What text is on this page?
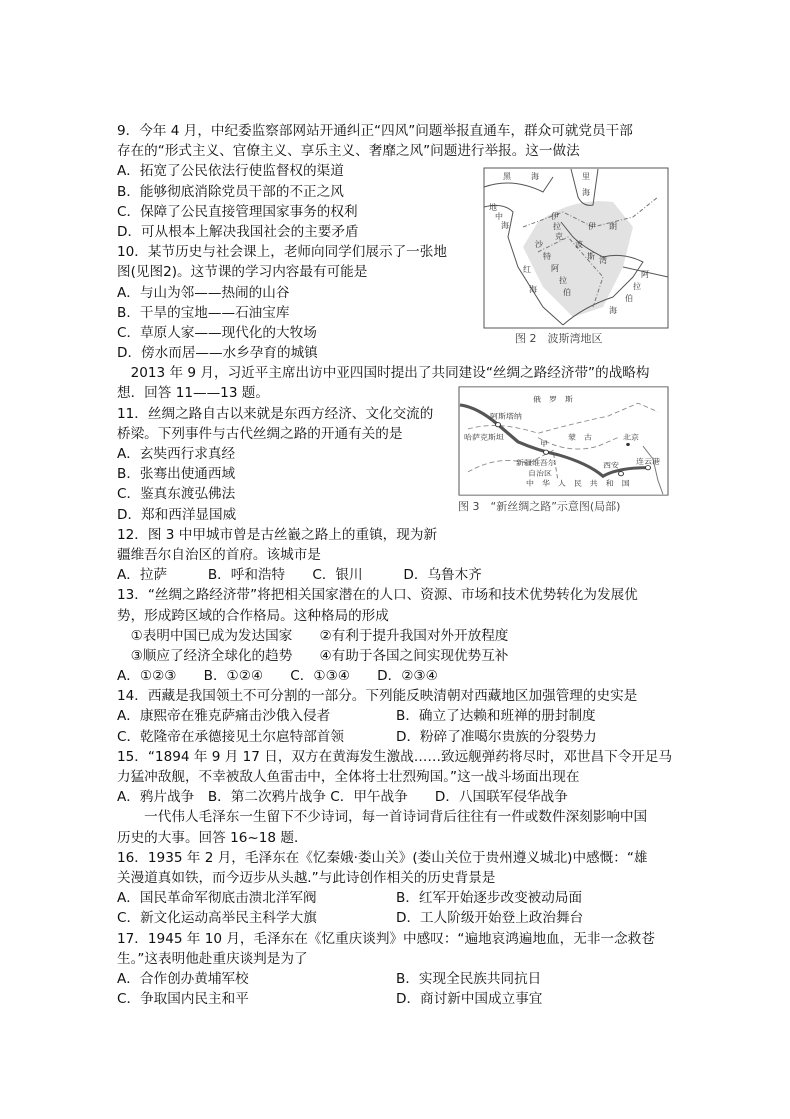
9．今年 4 月，中纪委监察部网站开通纠正“四风”问题举报直通车，群众可就党员干部
存在的“形式主义、官僚主义、享乐主义、奢靡之风”问题进行举报。这一做法
A．拓宽了公民依法行使监督权的渠道
B．能够彻底消除党员干部的不正之风
C．保障了公民直接管理国家事务的权利
D．可从根本上解决我国社会的主要矛盾
10．某节历史与社会课上，老师向同学们展示了一张地
图(见图2)。这节课的学习内容最有可能是
A．与山为邻——热闹的山谷
B．干旱的宝地——石油宝库
C．草原人家——现代化的大牧场
D．傍水而居——水乡孕育的城镇
　2013 年 9 月，习近平主席出访中亚四国时提出了共同建设“丝绸之路经济带”的战略构
想．回答 11——13 题。
11．丝绸之路自古以来就是东西方经济、文化交流的
桥梁。下列事件与古代丝绸之路的开通有关的是
A．玄奘西行求真经
B．张骞出使通西域
C．鉴真东渡弘佛法
D．郑和西洋显国威
12．图 3 中甲城市曾是古丝巀之路上的重镇，现为新
疆维吾尔自治区的首府。该城市是
A．拉萨　　　B．呼和浩特　　C．银川　　　D．乌鲁木齐
13．“丝绸之路经济带”将把相关国家潜在的人口、资源、市场和技术优势转化为发展优
势，形成跨区域的合作格局。这种格局的形成
　①表明中国已成为发达国家　　②有利于提升我国对外开放程度
　③顺应了经济全球化的趋势　　④有助于各国之间实现优势互补
A．①②③　　B．①②④　　C．①③④　　D．②③④
14．西藏是我国领土不可分割的一部分。下列能反映清朝对西藏地区加强管理的史实是
A．康熙帝在雅克萨痛击沙俄入侵者	B．确立了达赖和班禅的册封制度
C．乾隆帝在承德接见土尔扈特部首领	D．粉碎了准噶尔贵族的分裂势力
15．“1894 年 9 月 17 日，双方在黄海发生激战……致远舰弹药将尽时，邓世昌下令开足马
力猛冲敌舰，不幸被敌人鱼雷击中，全体将士壮烈殉国。”这一战斗场面出现在
A．鸦片战争　B．第二次鸦片战争 C．甲午战争　　D．八国联军侵华战争
　　一代伟人毛泽东一生留下不少诗词，每一首诗词背后往往有一件或数件深刻影响中国
历史的大事。回答 16~18 题．
16．1935 年 2 月，毛泽东在《忆秦娥·娄山关》(娄山关位于贵州遵义城北)中感慨：“雄
关漫道真如铁，而今迈步从头越.”与此诗创作相关的历史背景是
A．国民革命军彻底击溃北洋军阀	B．红军开始逐步改变被动局面
C．新文化运动高举民主科学大旗	D．工人阶级开始登上政治舞台
17．1945 年 10 月，毛泽东在《忆重庆谈判》中感叹：“遍地哀鸿遍地血，无非一念救苍
生。”这表明他赴重庆谈判是为了
A．合作创办黄埔军校	B．实现全民族共同抗日
C．争取国内民主和平	D．商讨新中国成立事宜
黑	海	里
海
地
中
海
伊
拉
克
伊 朗
沙
特
阿
拉
伯
红
海
波
斯 湾
阿
拉
伯
海
图 2　波斯湾地区
俄　罗　斯
阿斯塔纳
哈萨克斯坦	蒙　古
甲
北京
新疆维吾尔
自治区
西安
连云港
中　华　人　民　共　和　国
图 3　“新丝绸之路”示意图(局部)
